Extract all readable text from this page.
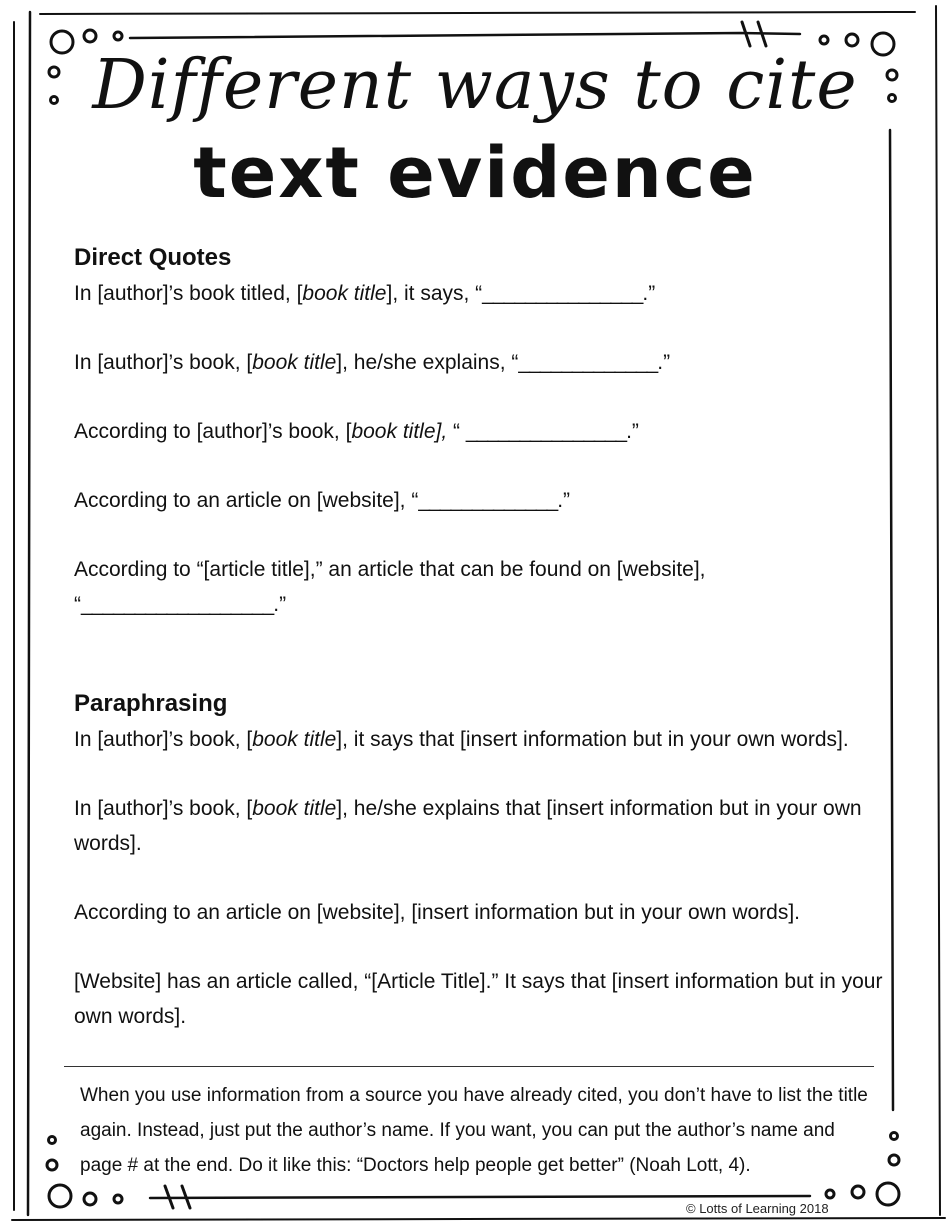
Different ways to cite
text evidence

Direct Quotes

In [author]’s book titled, [book title], it says, “_______________.”

In [author]’s book, [book title], he/she explains, “_____________.”

According to [author]’s book, [book title], “ _______________.”

According to an article on [website], “_____________.”

According to “[article title],” an article that can be found on [website],

“__________________.”

Paraphrasing

In [author]’s book, [book title], it says that [insert information but in your own words].

In [author]’s book, [book title], he/she explains that [insert information but in your own words].

According to an article on [website], [insert information but in your own words].

[Website] has an article called, “[Article Title].” It says that [insert information but in your own words].

When you use information from a source you have already cited, you don’t have to list the title again. Instead, just put the author’s name. If you want, you can put the author’s name and page # at the end. Do it like this: “Doctors help people get better” (Noah Lott, 4).
© Lotts of Learning 2018
